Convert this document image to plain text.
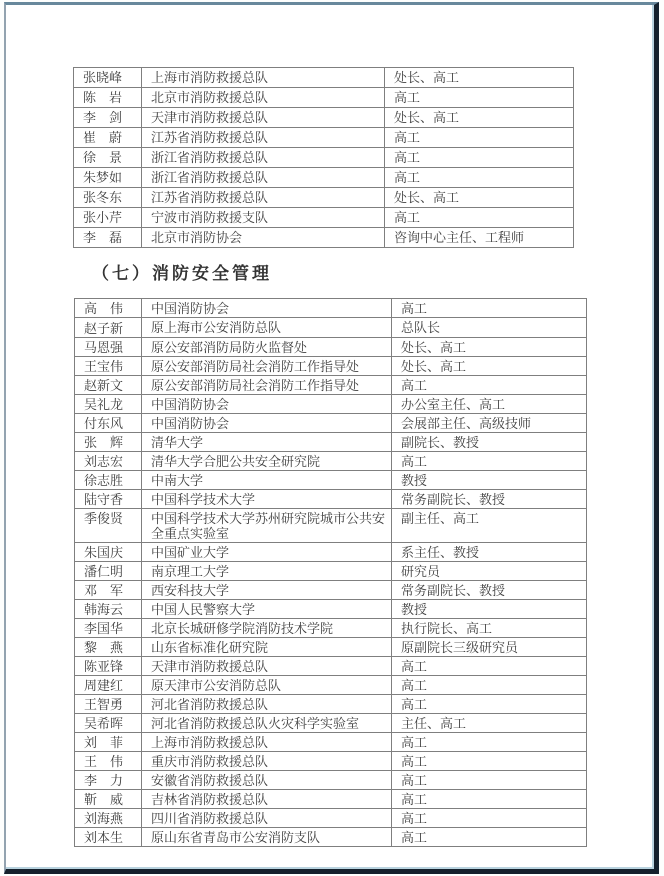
张晓峰	上海市消防救援总队	处长、高工
陈　岩	北京市消防救援总队	高工
李　剑	天津市消防救援总队	处长、高工
崔　蔚	江苏省消防救援总队	高工
徐　景	浙江省消防救援总队	高工
朱梦如	浙江省消防救援总队	高工
张冬东	江苏省消防救援总队	处长、高工
张小芹	宁波市消防救援支队	高工
李　磊	北京市消防协会	咨询中心主任、工程师
（七）消防安全管理
高　伟	中国消防协会	高工
赵子新	原上海市公安消防总队	总队长
马恩强	原公安部消防局防火监督处	处长、高工
王宝伟	原公安部消防局社会消防工作指导处	处长、高工
赵新文	原公安部消防局社会消防工作指导处	高工
吴礼龙	中国消防协会	办公室主任、高工
付东风	中国消防协会	会展部主任、高级技师
张　辉	清华大学	副院长、教授
刘志宏	清华大学合肥公共安全研究院	高工
徐志胜	中南大学	教授
陆守香	中国科学技术大学	常务副院长、教授
季俊贤	中国科学技术大学苏州研究院城市公共安全重点实验室	副主任、高工
朱国庆	中国矿业大学	系主任、教授
潘仁明	南京理工大学	研究员
邓　军	西安科技大学	常务副院长、教授
韩海云	中国人民警察大学	教授
李国华	北京长城研修学院消防技术学院	执行院长、高工
黎　燕	山东省标准化研究院	原副院长三级研究员
陈亚锋	天津市消防救援总队	高工
周建红	原天津市公安消防总队	高工
王智勇	河北省消防救援总队	高工
吴希晖	河北省消防救援总队火灾科学实验室	主任、高工
刘　菲	上海市消防救援总队	高工
王　伟	重庆市消防救援总队	高工
李　力	安徽省消防救援总队	高工
靳　威	吉林省消防救援总队	高工
刘海燕	四川省消防救援总队	高工
刘本生	原山东省青岛市公安消防支队	高工
